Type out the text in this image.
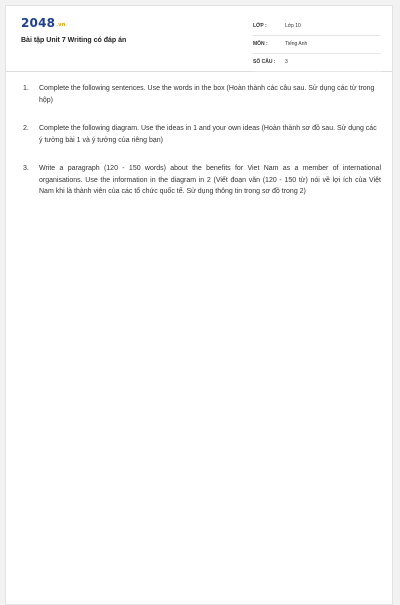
2048.vn
Bài tập Unit 7 Writing có đáp án
LỚP :	Lớp 10
MÔN :	Tiếng Anh
SỐ CÂU : 3
1. Complete the following sentences. Use the words in the box (Hoàn thành các câu sau. Sử dụng các từ trong hộp)

2. Complete the following diagram. Use the ideas in 1 and your own ideas (Hoàn thành sơ đồ sau. Sử dụng các ý tưởng bài 1 và ý tưởng của riêng bạn)

3. Write a paragraph (120 - 150 words) about the benefits for Viet Nam as a member of international organisations. Use the information in the diagram in 2 (Viết đoạn văn (120 - 150 từ) nói về lợi ích của Việt Nam khi là thành viên của các tổ chức quốc tế. Sử dụng thông tin trong sơ đồ trong 2)
